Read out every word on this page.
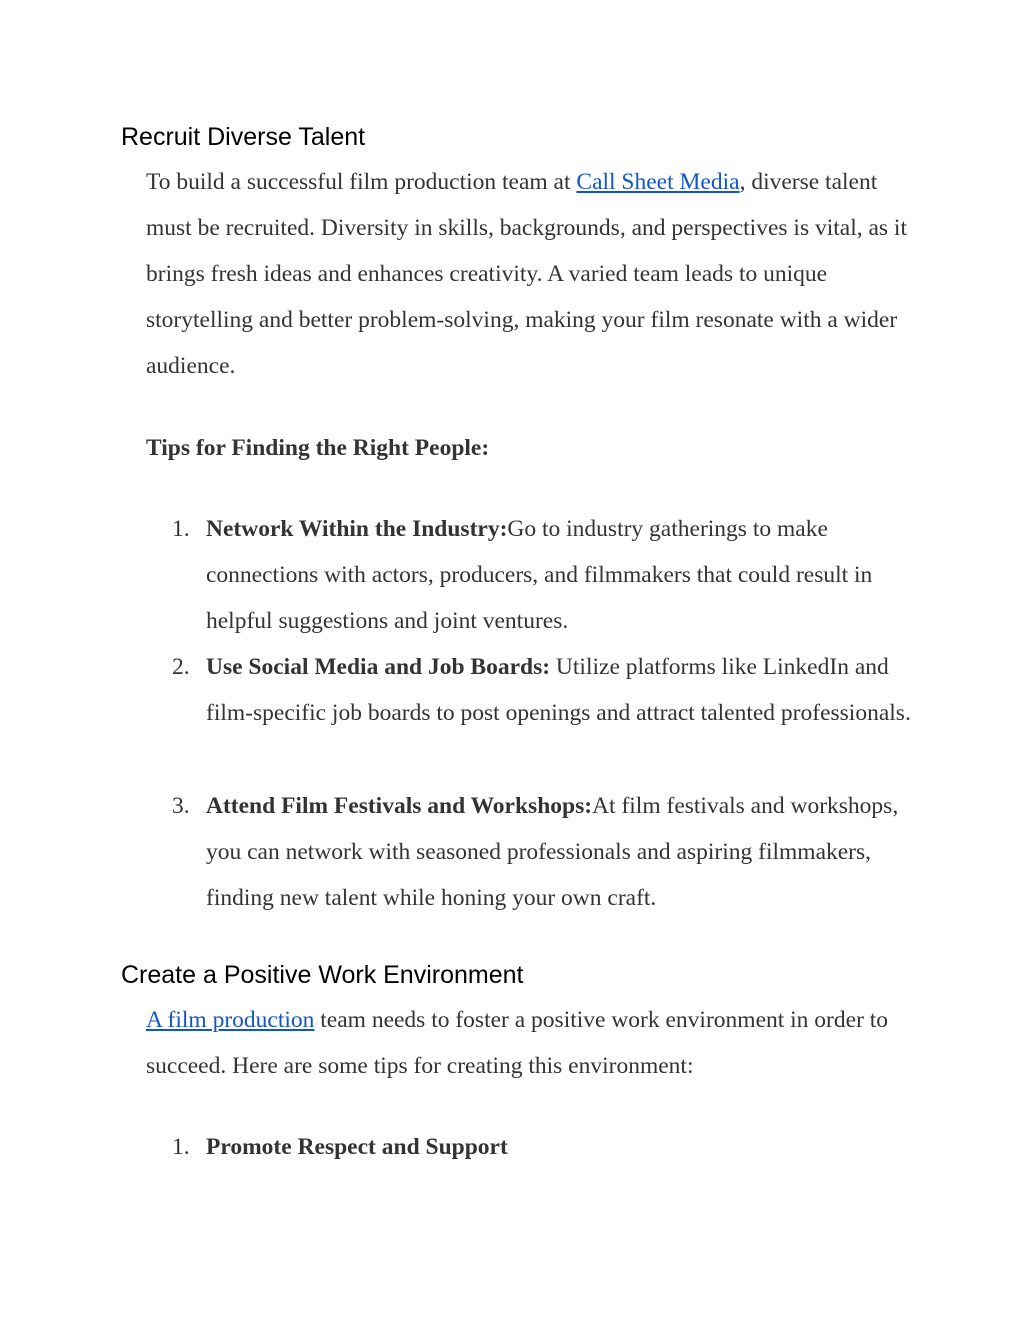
Recruit Diverse Talent

To build a successful film production team at Call Sheet Media, diverse talent must be recruited. Diversity in skills, backgrounds, and perspectives is vital, as it brings fresh ideas and enhances creativity. A varied team leads to unique storytelling and better problem-solving, making your film resonate with a wider audience.

Tips for Finding the Right People:

1. Network Within the Industry:Go to industry gatherings to make connections with actors, producers, and filmmakers that could result in helpful suggestions and joint ventures.

2. Use Social Media and Job Boards: Utilize platforms like LinkedIn and film-specific job boards to post openings and attract talented professionals.

3. Attend Film Festivals and Workshops:At film festivals and workshops, you can network with seasoned professionals and aspiring filmmakers, finding new talent while honing your own craft.

Create a Positive Work Environment

A film production team needs to foster a positive work environment in order to succeed. Here are some tips for creating this environment:

1. Promote Respect and Support
